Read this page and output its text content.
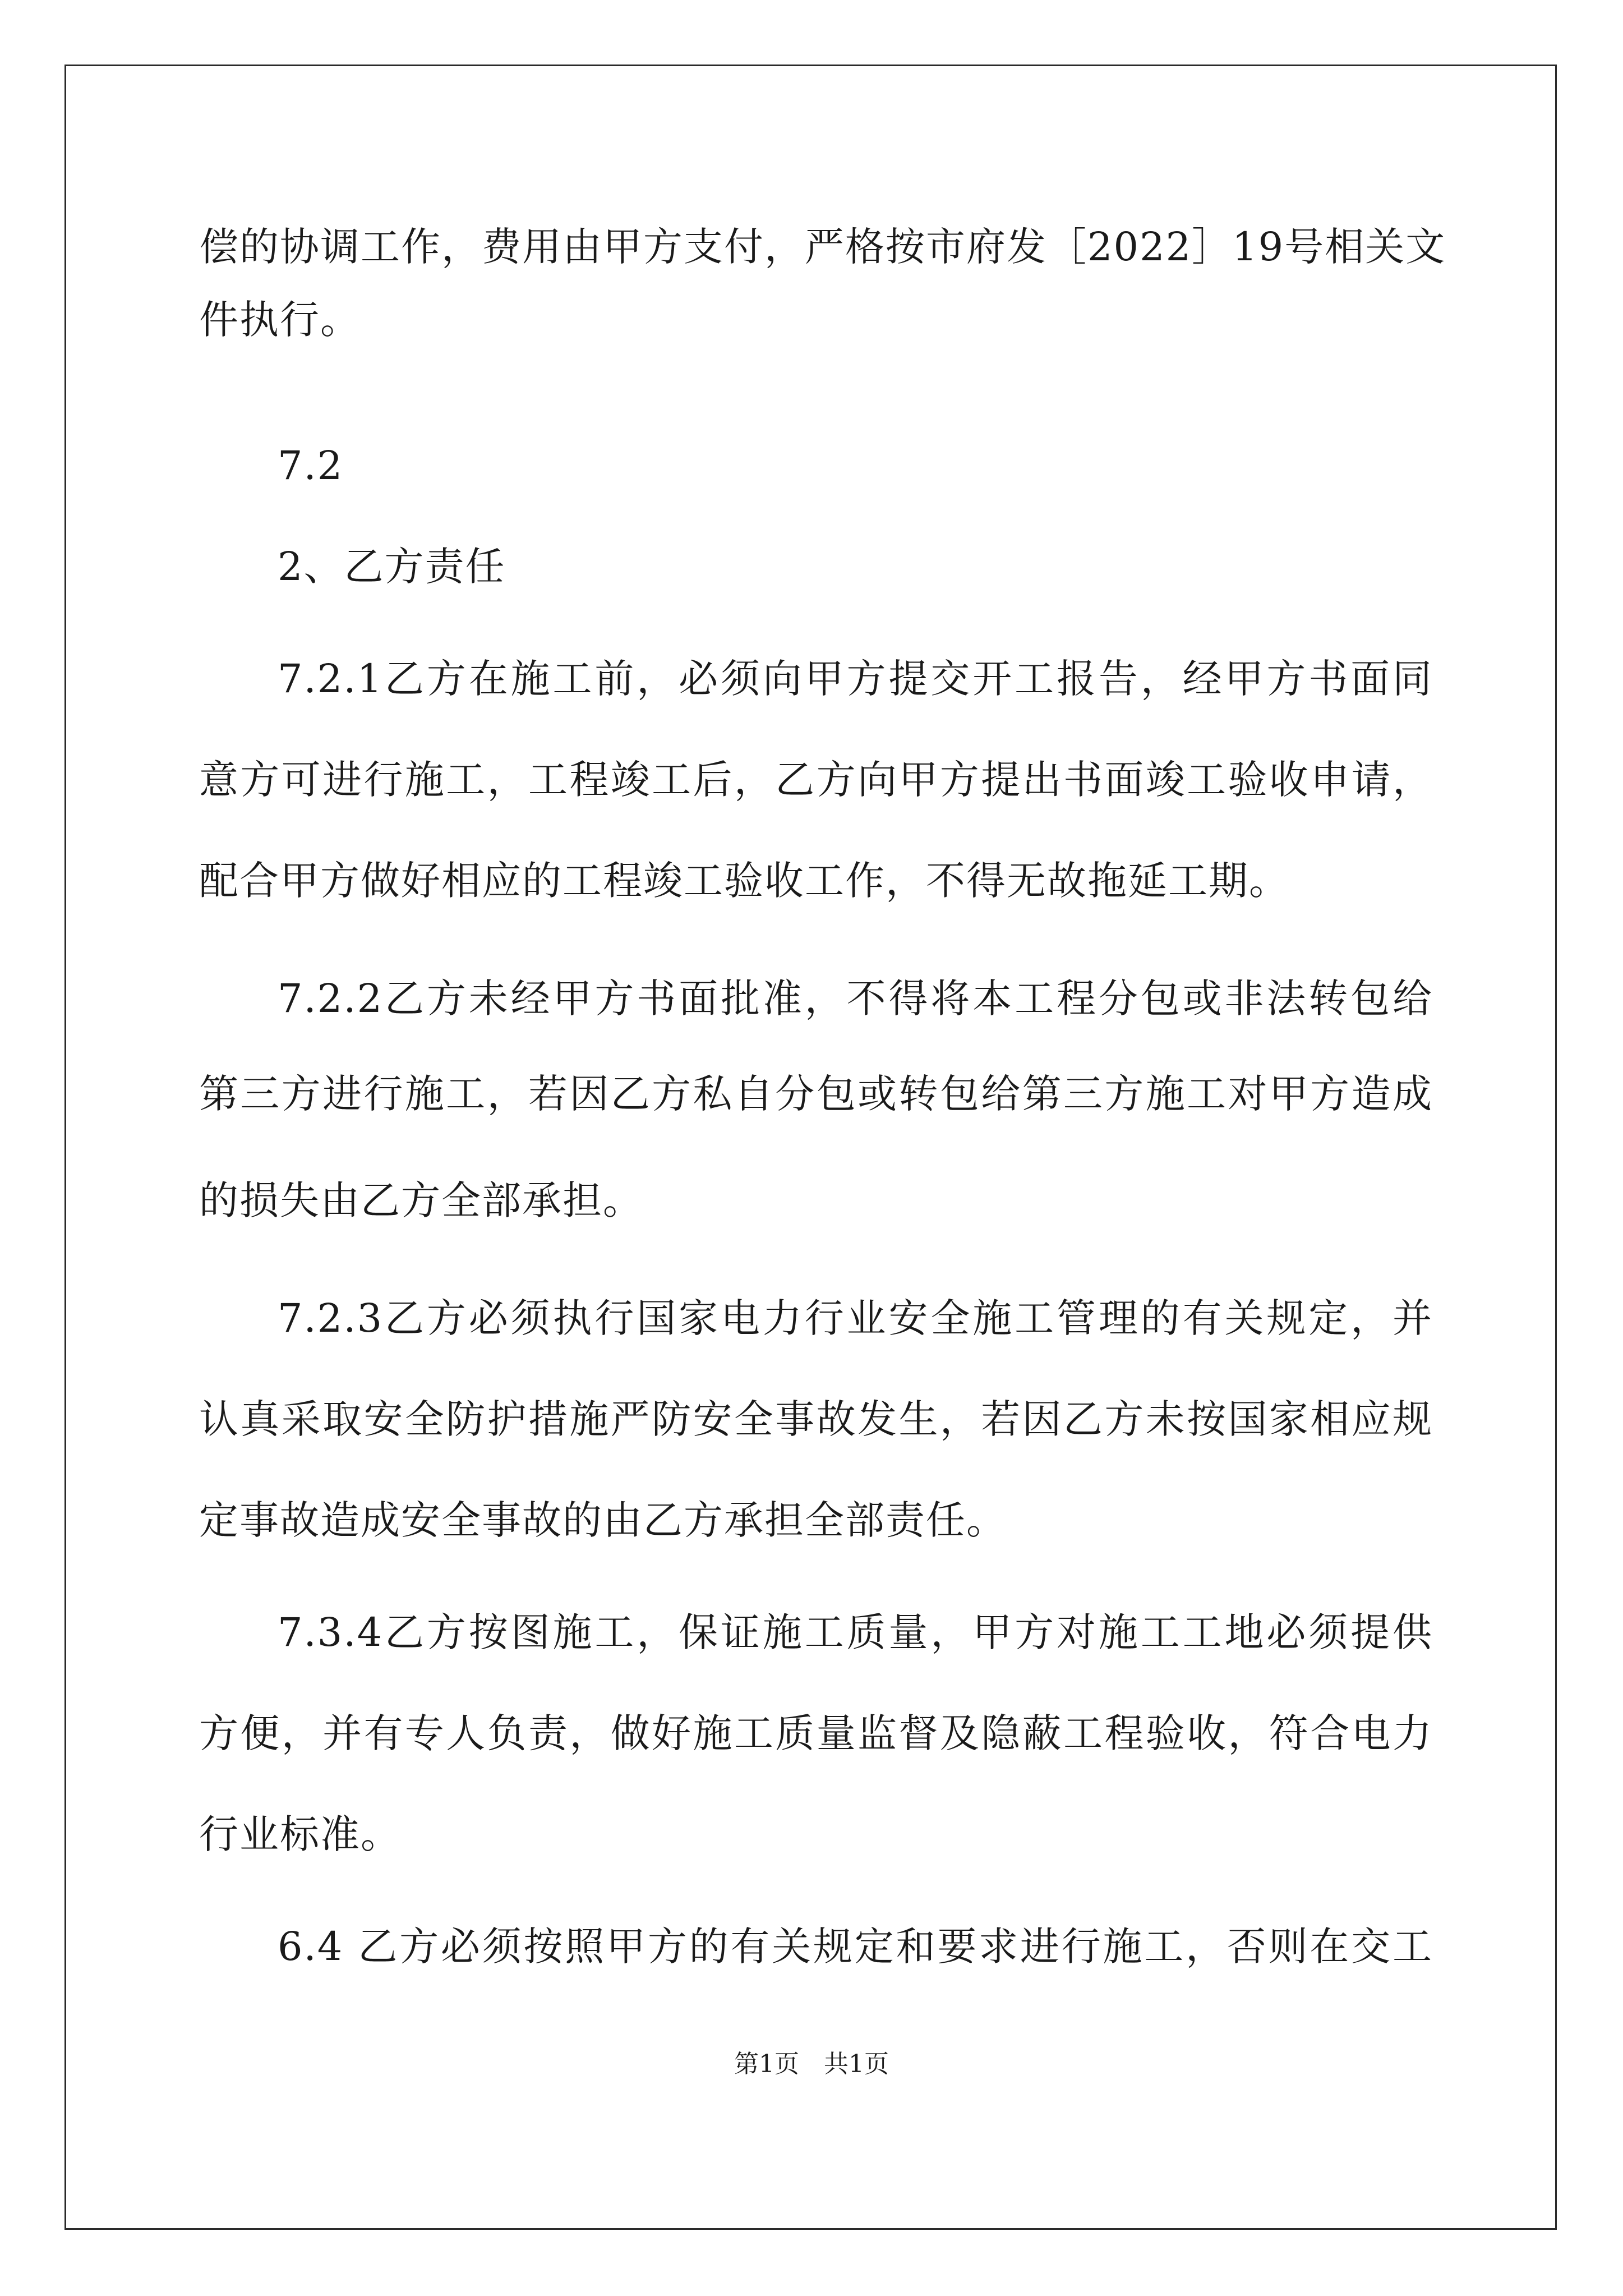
偿的协调工作，费用由甲方支付，严格按市府发［2022］19号相关文
件执行。
7.2
2、乙方责任
7.2.1乙方在施工前，必须向甲方提交开工报告，经甲方书面同
意方可进行施工，工程竣工后，乙方向甲方提出书面竣工验收申请，
配合甲方做好相应的工程竣工验收工作，不得无故拖延工期。
7.2.2乙方未经甲方书面批准，不得将本工程分包或非法转包给
第三方进行施工，若因乙方私自分包或转包给第三方施工对甲方造成
的损失由乙方全部承担。
7.2.3乙方必须执行国家电力行业安全施工管理的有关规定，并
认真采取安全防护措施严防安全事故发生，若因乙方未按国家相应规
定事故造成安全事故的由乙方承担全部责任。
7.3.4乙方按图施工，保证施工质量，甲方对施工工地必须提供
方便，并有专人负责，做好施工质量监督及隐蔽工程验收，符合电力
行业标准。
6.4 乙方必须按照甲方的有关规定和要求进行施工，否则在交工
第1页　共1页
